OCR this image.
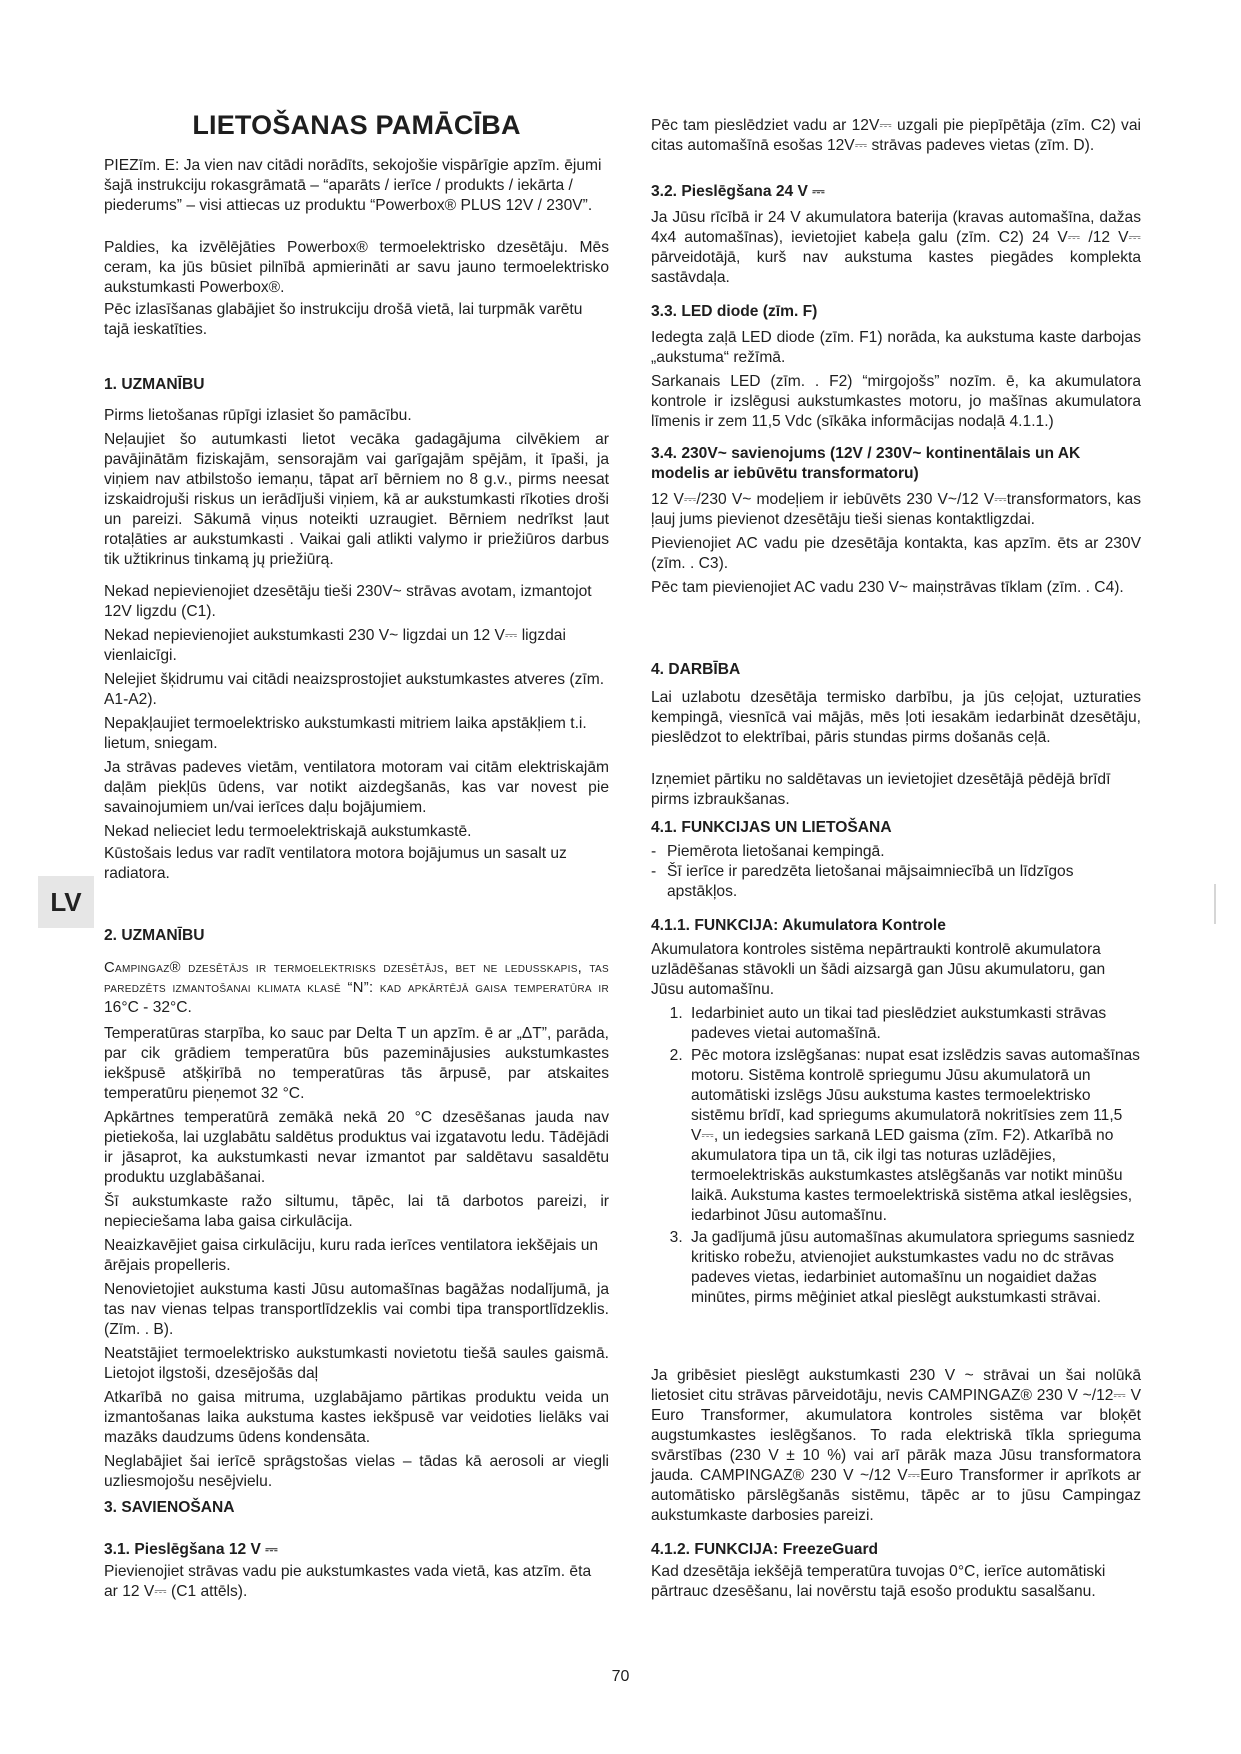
LIETOŠANAS PAMĀCĪBA

PIEZīm. E: Ja vien nav citādi norādīts, sekojošie vispārīgie apzīm. ējumi šajā instrukciju rokasgrāmatā – “aparāts / ierīce / produkts / iekārta / piederums” – visi attiecas uz produktu “Powerbox® PLUS 12V / 230V”.

Paldies, ka izvēlējāties Powerbox® termoelektrisko dzesētāju. Mēs ceram, ka jūs būsiet pilnībā apmierināti ar savu jauno termoelektrisko aukstumkasti Powerbox®.

Pēc izlasīšanas glabājiet šo instrukciju drošā vietā, lai turpmāk varētu tajā ieskatīties.

1. UZMANĪBU

Pirms lietošanas rūpīgi izlasiet šo pamācību.

Neļaujiet šo autumkasti lietot vecāka gadagājuma cilvēkiem ar pavājinātām fiziskajām, sensorajām vai garīgajām spējām, it īpaši, ja viņiem nav atbilstošo iemaņu, tāpat arī bērniem no 8 g.v., pirms neesat izskaidrojuši riskus un ierādījuši viņiem, kā ar aukstumkasti rīkoties droši un pareizi. Sākumā viņus noteikti uzraugiet. Bērniem nedrīkst ļaut rotaļāties ar aukstumkasti . Vaikai gali atlikti valymo ir priežiūros darbus tik užtikrinus tinkamą jų priežiūrą.

Nekad nepievienojiet dzesētāju tieši 230V~ strāvas avotam, izmantojot 12V ligzdu (C1).

Nekad nepievienojiet aukstumkasti 230 V~ ligzdai un 12 V⎓ ligzdai vienlaicīgi.

Nelejiet šķidrumu vai citādi neaizsprostojiet aukstumkastes atveres (zīm. A1-A2).

Nepakļaujiet termoelektrisko aukstumkasti mitriem laika apstākļiem t.i. lietum, sniegam.

Ja strāvas padeves vietām, ventilatora motoram vai citām elektriskajām daļām piekļūs ūdens, var notikt aizdegšanās, kas var novest pie savainojumiem un/vai ierīces daļu bojājumiem.

Nekad nelieciet ledu termoelektriskajā aukstumkastē.

Kūstošais ledus var radīt ventilatora motora bojājumus un sasalt uz radiatora.

2. UZMANĪBU

Campingaz® dzesētājs ir termoelektrisks dzesētājs, bet ne ledusskapis, tas paredzēts izmantošanai klimata klasē “N”: kad apkārtējā gaisa temperatūra ir 16°C - 32°C.

Temperatūras starpība, ko sauc par Delta T un apzīm. ē ar „ΔT”, parāda, par cik grādiem temperatūra būs pazeminājusies aukstumkastes iekšpusē atšķirībā no temperatūras tās ārpusē, par atskaites temperatūru pieņemot 32 °C.

Apkārtnes temperatūrā zemākā nekā 20 °C dzesēšanas jauda nav pietiekoša, lai uzglabātu saldētus produktus vai izgatavotu ledu. Tādējādi ir jāsaprot, ka aukstumkasti nevar izmantot par saldētavu sasaldētu produktu uzglabāšanai.

Šī aukstumkaste ražo siltumu, tāpēc, lai tā darbotos pareizi, ir nepieciešama laba gaisa cirkulācija.

Neaizkavējiet gaisa cirkulāciju, kuru rada ierīces ventilatora iekšējais un ārējais propelleris.

Nenovietojiet aukstuma kasti Jūsu automašīnas bagāžas nodalījumā, ja tas nav vienas telpas transportlīdzeklis vai combi tipa transportlīdzeklis. (Zīm. . B).

Neatstājiet termoelektrisko aukstumkasti novietotu tiešā saules gaismā. Lietojot ilgstoši, dzesējošās daļ

Atkarībā no gaisa mitruma, uzglabājamo pārtikas produktu veida un izmantošanas laika aukstuma kastes iekšpusē var veidoties lielāks vai mazāks daudzums ūdens kondensāta.

Neglabājiet šai ierīcē sprāgstošas vielas – tādas kā aerosoli ar viegli uzliesmojošu nesējvielu.

3. SAVIENOŠANA

3.1. Pieslēgšana 12 V ⎓

Pievienojiet strāvas vadu pie aukstumkastes vada vietā, kas atzīm. ēta ar 12 V⎓ (C1 attēls).

Pēc tam pieslēdziet vadu ar 12V⎓ uzgali pie piepīpētāja (zīm. C2) vai citas automašīnā esošas 12V⎓ strāvas padeves vietas (zīm. D).

3.2. Pieslēgšana 24 V ⎓

Ja Jūsu rīcībā ir 24 V akumulatora baterija (kravas automašīna, dažas 4x4 automašīnas), ievietojiet kabeļa galu (zīm. C2) 24 V⎓ /12 V⎓ pārveidotājā, kurš nav aukstuma kastes piegādes komplekta sastāvdaļa.

3.3. LED diode (zīm. F)

Iedegta zaļā LED diode (zīm. F1) norāda, ka aukstuma kaste darbojas „aukstuma“ režīmā.

Sarkanais LED (zīm. . F2) “mirgojošs” nozīm. ē, ka akumulatora kontrole ir izslēgusi aukstumkastes motoru, jo mašīnas akumulatora līmenis ir zem 11,5 Vdc (sīkāka informācijas nodaļā 4.1.1.)

3.4. 230V~ savienojums (12V / 230V~ kontinentālais un AK modelis ar iebūvētu transformatoru)

12 V⎓/230 V~ modeļiem ir iebūvēts 230 V~/12 V⎓transformators, kas ļauj jums pievienot dzesētāju tieši sienas kontaktligzdai.

Pievienojiet AC vadu pie dzesētāja kontakta, kas apzīm. ēts ar 230V (zīm. . C3).

Pēc tam pievienojiet AC vadu 230 V~ maiņstrāvas tīklam (zīm. . C4).

4. DARBĪBA

Lai uzlabotu dzesētāja termisko darbību, ja jūs ceļojat, uzturaties kempingā, viesnīcā vai mājās, mēs ļoti iesakām iedarbināt dzesētāju, pieslēdzot to elektrībai, pāris stundas pirms došanās ceļā.

Izņemiet pārtiku no saldētavas un ievietojiet dzesētājā pēdējā brīdī pirms izbraukšanas.

4.1. FUNKCIJAS UN LIETOŠANA

- Piemērota lietošanai kempingā.
- Šī ierīce ir paredzēta lietošanai mājsaimniecībā un līdzīgos apstākļos.

4.1.1. FUNKCIJA: Akumulatora Kontrole

Akumulatora kontroles sistēma nepārtraukti kontrolē akumulatora uzlādēšanas stāvokli un šādi aizsargā gan Jūsu akumulatoru, gan Jūsu automašīnu.

1. Iedarbiniet auto un tikai tad pieslēdziet aukstumkasti strāvas padeves vietai automašīnā.
2. Pēc motora izslēgšanas: nupat esat izslēdzis savas automašīnas motoru. Sistēma kontrolē spriegumu Jūsu akumulatorā un automātiski izslēgs Jūsu aukstuma kastes termoelektrisko sistēmu brīdī, kad spriegums akumulatorā nokritīsies zem 11,5 V⎓, un iedegsies sarkanā LED gaisma (zīm. F2). Atkarībā no akumulatora tipa un tā, cik ilgi tas noturas uzlādējies, termoelektriskās aukstumkastes atslēgšanās var notikt minūšu laikā. Aukstuma kastes termoelektriskā sistēma atkal ieslēgsies, iedarbinot Jūsu automašīnu.
3. Ja gadījumā jūsu automašīnas akumulatora spriegums sasniedz kritisko robežu, atvienojiet aukstumkastes vadu no dc strāvas padeves vietas, iedarbiniet automašīnu un nogaidiet dažas minūtes, pirms mēģiniet atkal pieslēgt aukstumkasti strāvai.

Ja gribēsiet pieslēgt aukstumkasti 230 V ~ strāvai un šai nolūkā lietosiet citu strāvas pārveidotāju, nevis CAMPINGAZ® 230 V ~/12⎓ V Euro Transformer, akumulatora kontroles sistēma var bloķēt augstumkastes ieslēgšanos. To rada elektriskā tīkla sprieguma svārstības (230 V ± 10 %) vai arī pārāk maza Jūsu transformatora jauda. CAMPINGAZ® 230 V ~/12 V⎓Euro Transformer ir aprīkots ar automātisko pārslēgšanās sistēmu, tāpēc ar to jūsu Campingaz aukstumkaste darbosies pareizi.

4.1.2. FUNKCIJA: FreezeGuard

Kad dzesētāja iekšējā temperatūra tuvojas 0°C, ierīce automātiski pārtrauc dzesēšanu, lai novērstu tajā esošo produktu sasalšanu.

LV
70
